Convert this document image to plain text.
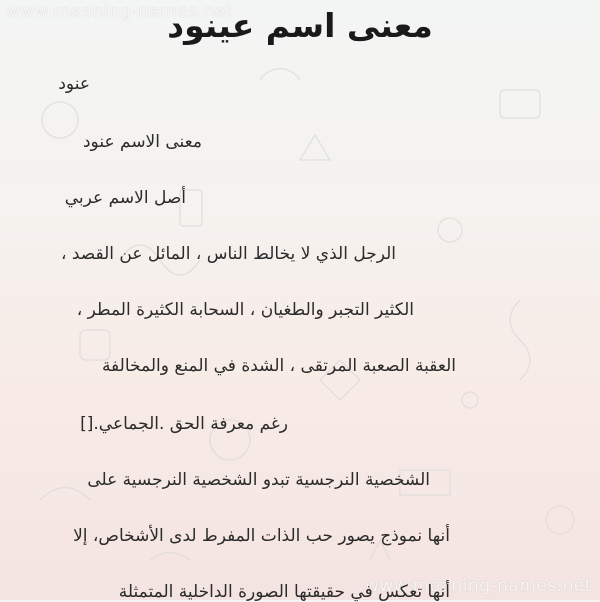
www.meaning-names.net
www.meaning-names.net
معنى اسم عينود
عنود
معنى الاسم عنود
أصل الاسم عربي
الرجل الذي لا يخالط الناس ، المائل عن القصد ،
الكثير التجبر والطغيان ، السحابة الكثيرة المطر ،
العقبة الصعبة المرتقى ، الشدة في المنع والمخالفة
رغم معرفة الحق .الجماعي.[]
الشخصية النرجسية تبدو الشخصية النرجسية على
أنها نموذج يصور حب الذات المفرط لدى الأشخاص، إلا
أنها تعكس في حقيقتها الصورة الداخلية المتمثلة
